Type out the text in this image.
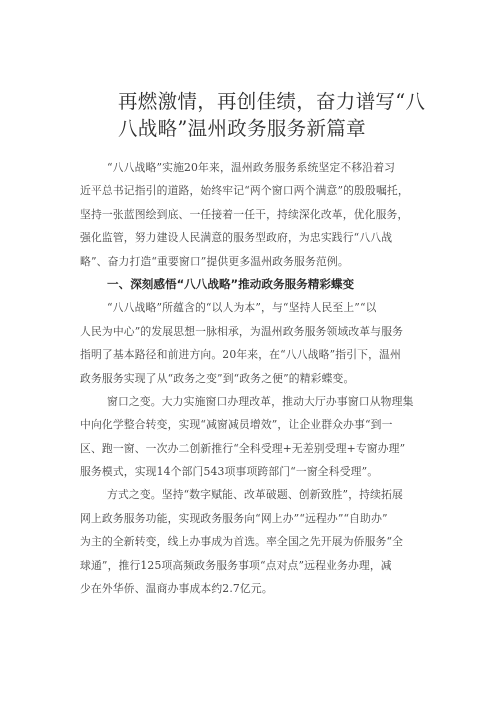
再燃激情，再创佳绩，奋力谱写“八
八战略”温州政务服务新篇章

“八八战略”实施20年来，温州政务服务系统坚定不移沿着习
近平总书记指引的道路，始终牢记“两个窗口两个满意”的殷殷嘱托，
坚持一张蓝图绘到底、一任接着一任干，持续深化改革，优化服务，
强化监管，努力建设人民满意的服务型政府，为忠实践行“八八战
略”、奋力打造“重要窗口”提供更多温州政务服务范例。

一、深刻感悟“八八战略”推动政务服务精彩蝶变

“八八战略”所蕴含的“以人为本”，与“坚持人民至上”“以
人民为中心”的发展思想一脉相承，为温州政务服务领域改革与服务
指明了基本路径和前进方向。20年来，在“八八战略”指引下，温州
政务服务实现了从“政务之变”到“政务之便”的精彩蝶变。

窗口之变。大力实施窗口办理改革，推动大厅办事窗口从物理集
中向化学整合转变，实现“减窗减员增效”，让企业群众办事“到一
区、跑一窗、一次办二创新推行“全科受理+无差别受理+专窗办理”
服务模式，实现14个部门543项事项跨部门“一窗全科受理”。

方式之变。坚持“数字赋能、改革破题、创新致胜”，持续拓展
网上政务服务功能，实现政务服务向“网上办”“远程办”“自助办”
为主的全新转变，线上办事成为首选。率全国之先开展为侨服务“全
球通”，推行125项高频政务服务事项“点对点”远程业务办理，减
少在外华侨、温商办事成本约2.7亿元。
